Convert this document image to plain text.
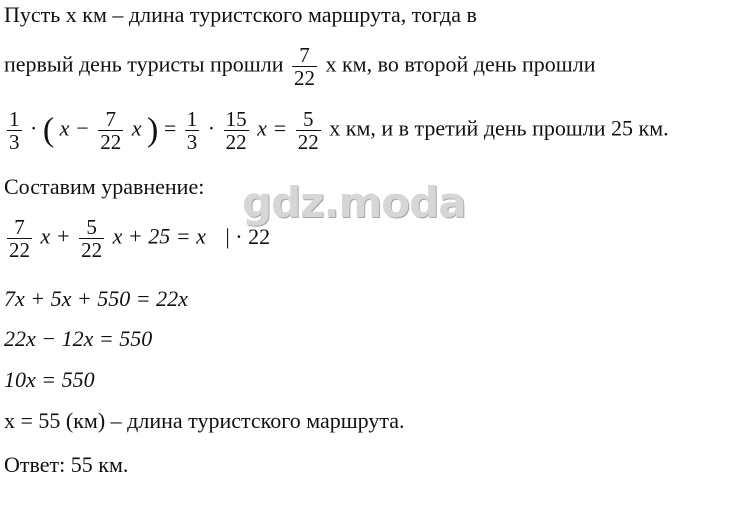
Пусть x км – длина туристского маршрута, тогда в
первый день туристы прошли $\frac{7}{22}$ x км, во второй день прошли
$\frac{1}{3}$ · ( $x - \frac{7}{22}$ x ) = $\frac{1}{3} \cdot \frac{15}{22}$ $x = \frac{5}{22}$ x км, и в третий день прошли 25 км.
Составим уравнение:
$\frac{7}{22}$ $x + \frac{5}{22}$ x + 25 = x | · 22
7x + 5x + 550 = 22x
22x − 12x = 550
10x = 550
x = 55 (км) – длина туристского маршрута.
Ответ: 55 км.
gdz.moda
